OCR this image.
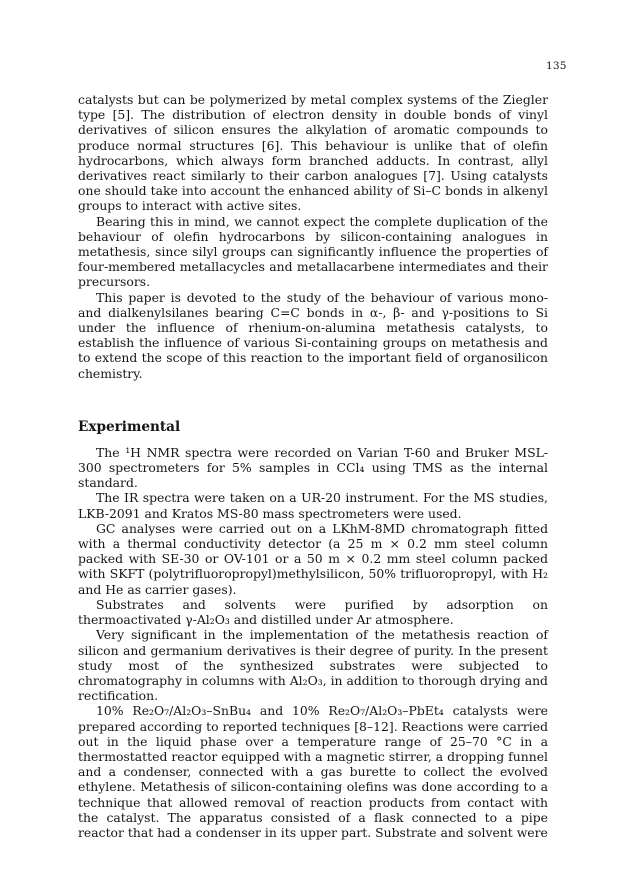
135

catalysts but can be polymerized by metal complex systems of the Ziegler type [5]. The distribution of electron density in double bonds of vinyl derivatives of silicon ensures the alkylation of aromatic compounds to produce normal structures [6]. This behaviour is unlike that of olefin hydrocarbons, which always form branched adducts. In contrast, allyl derivatives react similarly to their carbon analogues [7]. Using catalysts one should take into account the enhanced ability of Si–C bonds in alkenyl groups to interact with active sites.

Bearing this in mind, we cannot expect the complete duplication of the behaviour of olefin hydrocarbons by silicon-containing analogues in metathesis, since silyl groups can significantly influence the properties of four-membered metallacycles and metallacarbene intermediates and their precursors.

This paper is devoted to the study of the behaviour of various mono- and dialkenylsilanes bearing C=C bonds in α-, β- and γ-positions to Si under the influence of rhenium-on-alumina metathesis catalysts, to establish the influence of various Si-containing groups on metathesis and to extend the scope of this reaction to the important field of organosilicon chemistry.

Experimental

The ¹H NMR spectra were recorded on Varian T-60 and Bruker MSL-300 spectrometers for 5% samples in CCl₄ using TMS as the internal standard.

The IR spectra were taken on a UR-20 instrument. For the MS studies, LKB-2091 and Kratos MS-80 mass spectrometers were used.

GC analyses were carried out on a LKhM-8MD chromatograph fitted with a thermal conductivity detector (a 25 m × 0.2 mm steel column packed with SE-30 or OV-101 or a 50 m × 0.2 mm steel column packed with SKFT (polytrifluoropropyl)methylsilicon, 50% trifluoropropyl, with H₂ and He as carrier gases).

Substrates and solvents were purified by adsorption on thermoactivated γ-Al₂O₃ and distilled under Ar atmosphere.

Very significant in the implementation of the metathesis reaction of silicon and germanium derivatives is their degree of purity. In the present study most of the synthesized substrates were subjected to chromatography in columns with Al₂O₃, in addition to thorough drying and rectification.

10% Re₂O₇/Al₂O₃–SnBu₄ and 10% Re₂O₇/Al₂O₃–PbEt₄ catalysts were prepared according to reported techniques [8–12]. Reactions were carried out in the liquid phase over a temperature range of 25–70 °C in a thermostatted reactor equipped with a magnetic stirrer, a dropping funnel and a condenser, connected with a gas burette to collect the evolved ethylene. Metathesis of silicon-containing olefins was done according to a technique that allowed removal of reaction products from contact with the catalyst. The apparatus consisted of a flask connected to a pipe reactor that had a condenser in its upper part. Substrate and solvent were
